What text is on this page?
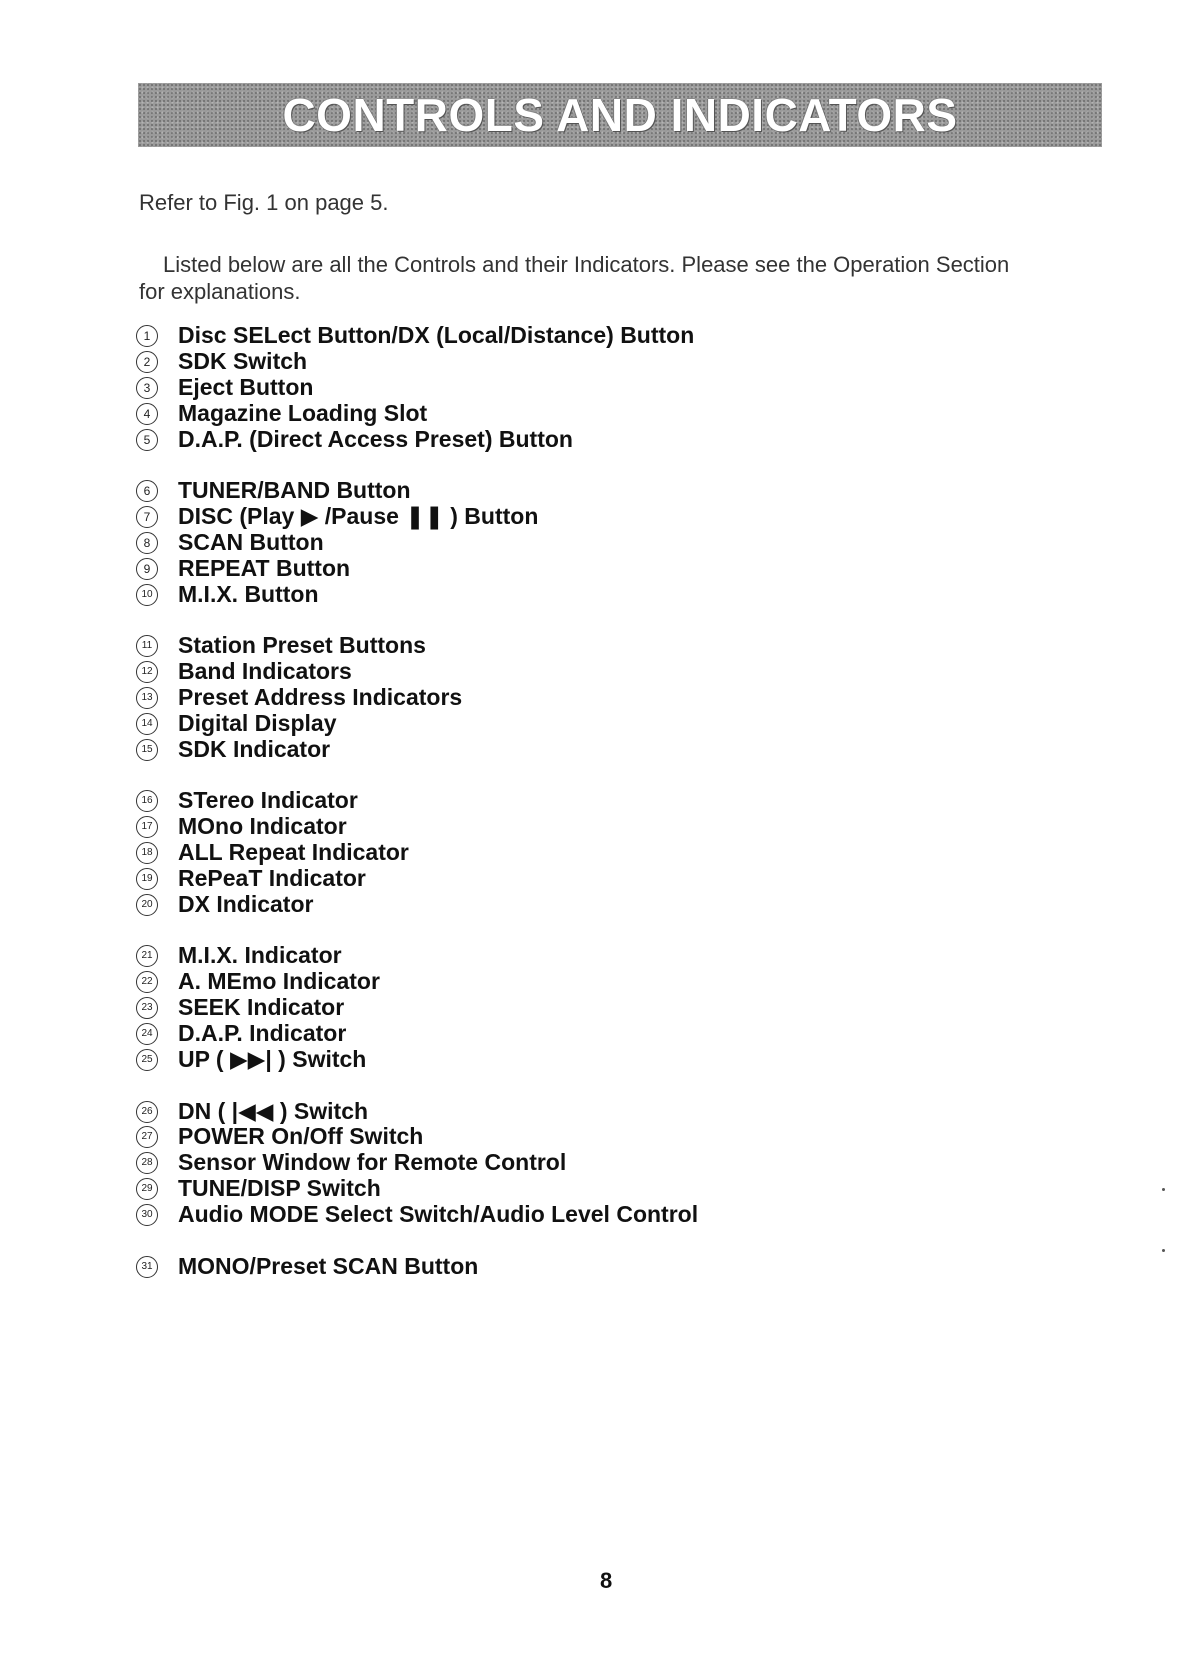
CONTROLS AND INDICATORS
Refer to Fig. 1 on page 5.
Listed below are all the Controls and their Indicators. Please see the Operation Section
for explanations.
1	Disc SELect Button/DX (Local/Distance) Button
2	SDK Switch
3	Eject Button
4	Magazine Loading Slot
5	D.A.P. (Direct Access Preset) Button
6	TUNER/BAND Button
7	DISC (Play ▶ /Pause ❚❚ ) Button
8	SCAN Button
9	REPEAT Button
10 M.I.X. Button
11 Station Preset Buttons
12 Band Indicators
13 Preset Address Indicators
14 Digital Display
15 SDK Indicator
16 STereo Indicator
17 MOno Indicator
18 ALL Repeat Indicator
19 RePeaT Indicator
20 DX Indicator
21 M.I.X. Indicator
22 A. MEmo Indicator
23 SEEK Indicator
24 D.A.P. Indicator
25 UP ( ▶▶| ) Switch
26 DN ( |◀◀ ) Switch
27 POWER On/Off Switch
28 Sensor Window for Remote Control
29 TUNE/DISP Switch
30 Audio MODE Select Switch/Audio Level Control
31 MONO/Preset SCAN Button
8
